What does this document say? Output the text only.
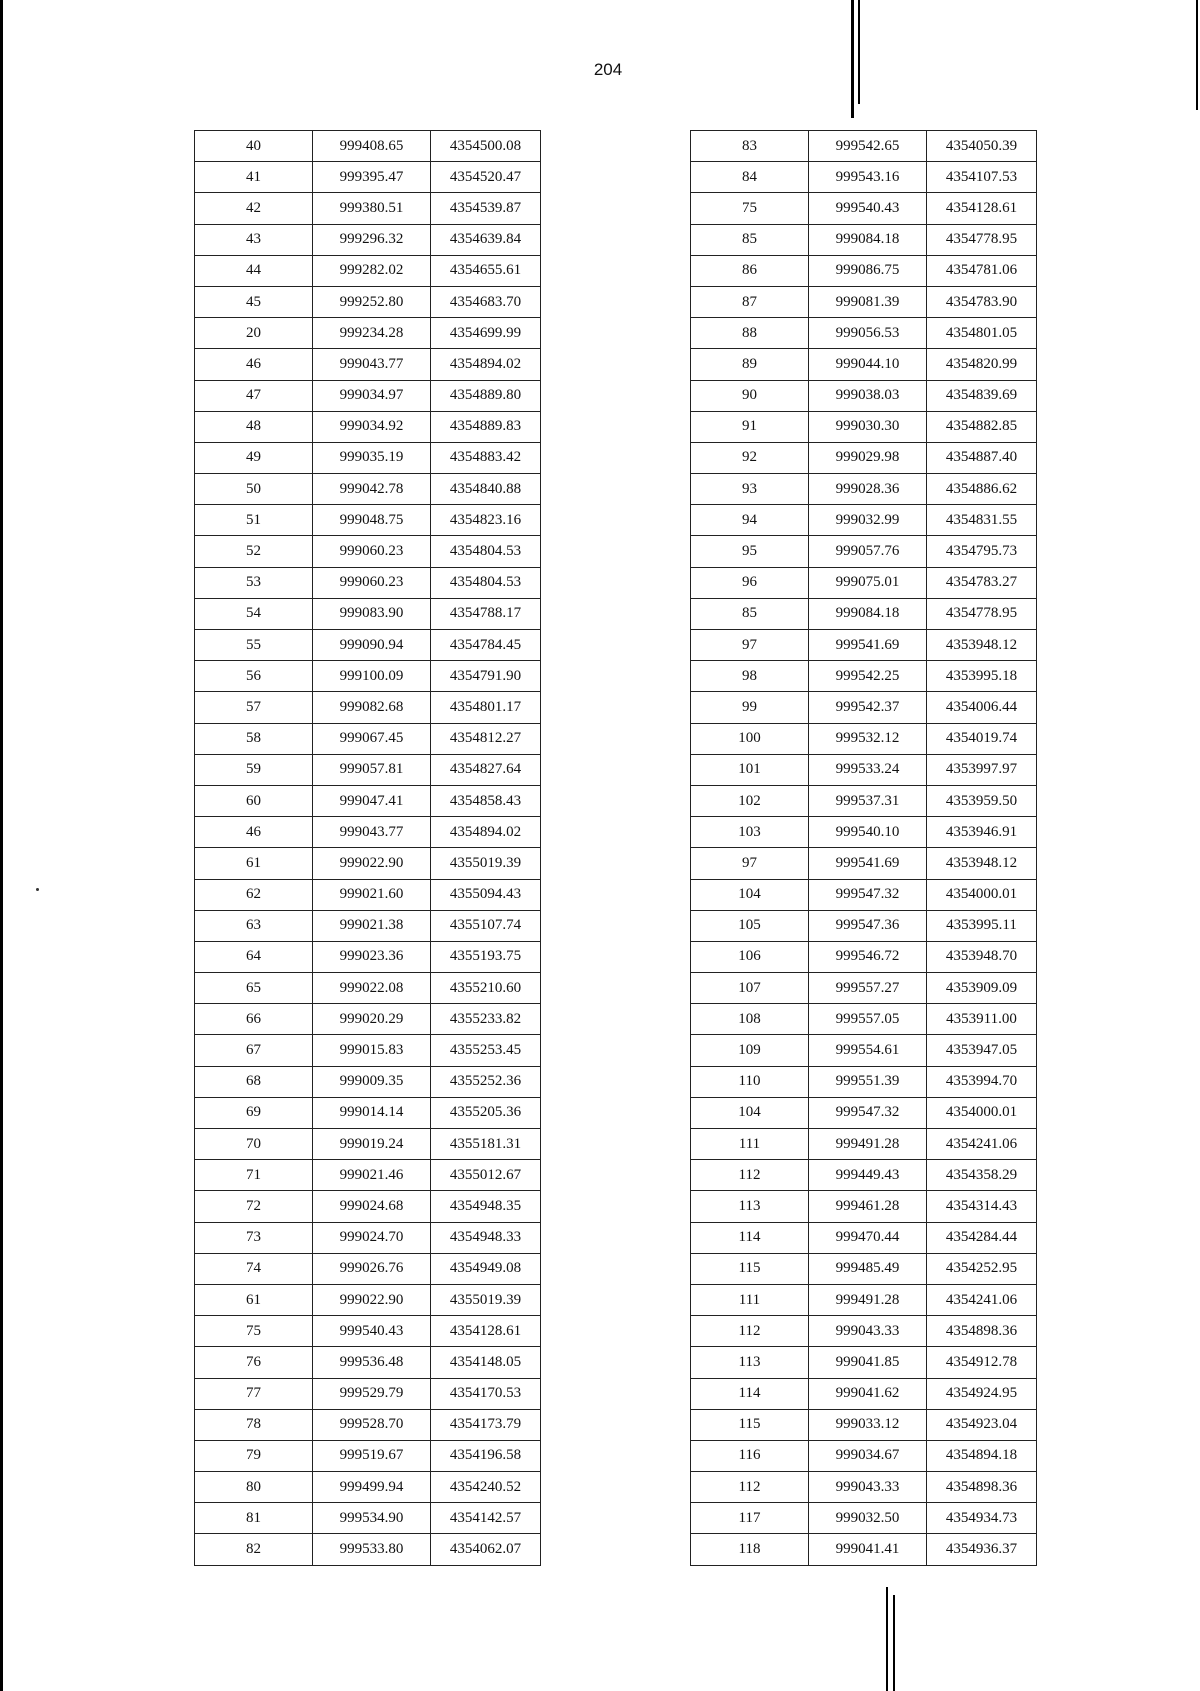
204
40	999408.65	4354500.08
41	999395.47	4354520.47
42	999380.51	4354539.87
43	999296.32	4354639.84
44	999282.02	4354655.61
45	999252.80	4354683.70
20	999234.28	4354699.99
46	999043.77	4354894.02
47	999034.97	4354889.80
48	999034.92	4354889.83
49	999035.19	4354883.42
50	999042.78	4354840.88
51	999048.75	4354823.16
52	999060.23	4354804.53
53	999060.23	4354804.53
54	999083.90	4354788.17
55	999090.94	4354784.45
56	999100.09	4354791.90
57	999082.68	4354801.17
58	999067.45	4354812.27
59	999057.81	4354827.64
60	999047.41	4354858.43
46	999043.77	4354894.02
61	999022.90	4355019.39
62	999021.60	4355094.43
63	999021.38	4355107.74
64	999023.36	4355193.75
65	999022.08	4355210.60
66	999020.29	4355233.82
67	999015.83	4355253.45
68	999009.35	4355252.36
69	999014.14	4355205.36
70	999019.24	4355181.31
71	999021.46	4355012.67
72	999024.68	4354948.35
73	999024.70	4354948.33
74	999026.76	4354949.08
61	999022.90	4355019.39
75	999540.43	4354128.61
76	999536.48	4354148.05
77	999529.79	4354170.53
78	999528.70	4354173.79
79	999519.67	4354196.58
80	999499.94	4354240.52
81	999534.90	4354142.57
82	999533.80	4354062.07
83	999542.65	4354050.39
84	999543.16	4354107.53
75	999540.43	4354128.61
85	999084.18	4354778.95
86	999086.75	4354781.06
87	999081.39	4354783.90
88	999056.53	4354801.05
89	999044.10	4354820.99
90	999038.03	4354839.69
91	999030.30	4354882.85
92	999029.98	4354887.40
93	999028.36	4354886.62
94	999032.99	4354831.55
95	999057.76	4354795.73
96	999075.01	4354783.27
85	999084.18	4354778.95
97	999541.69	4353948.12
98	999542.25	4353995.18
99	999542.37	4354006.44
100	999532.12	4354019.74
101	999533.24	4353997.97
102	999537.31	4353959.50
103	999540.10	4353946.91
97	999541.69	4353948.12
104	999547.32	4354000.01
105	999547.36	4353995.11
106	999546.72	4353948.70
107	999557.27	4353909.09
108	999557.05	4353911.00
109	999554.61	4353947.05
110	999551.39	4353994.70
104	999547.32	4354000.01
111	999491.28	4354241.06
112	999449.43	4354358.29
113	999461.28	4354314.43
114	999470.44	4354284.44
115	999485.49	4354252.95
111	999491.28	4354241.06
112	999043.33	4354898.36
113	999041.85	4354912.78
114	999041.62	4354924.95
115	999033.12	4354923.04
116	999034.67	4354894.18
112	999043.33	4354898.36
117	999032.50	4354934.73
118	999041.41	4354936.37
